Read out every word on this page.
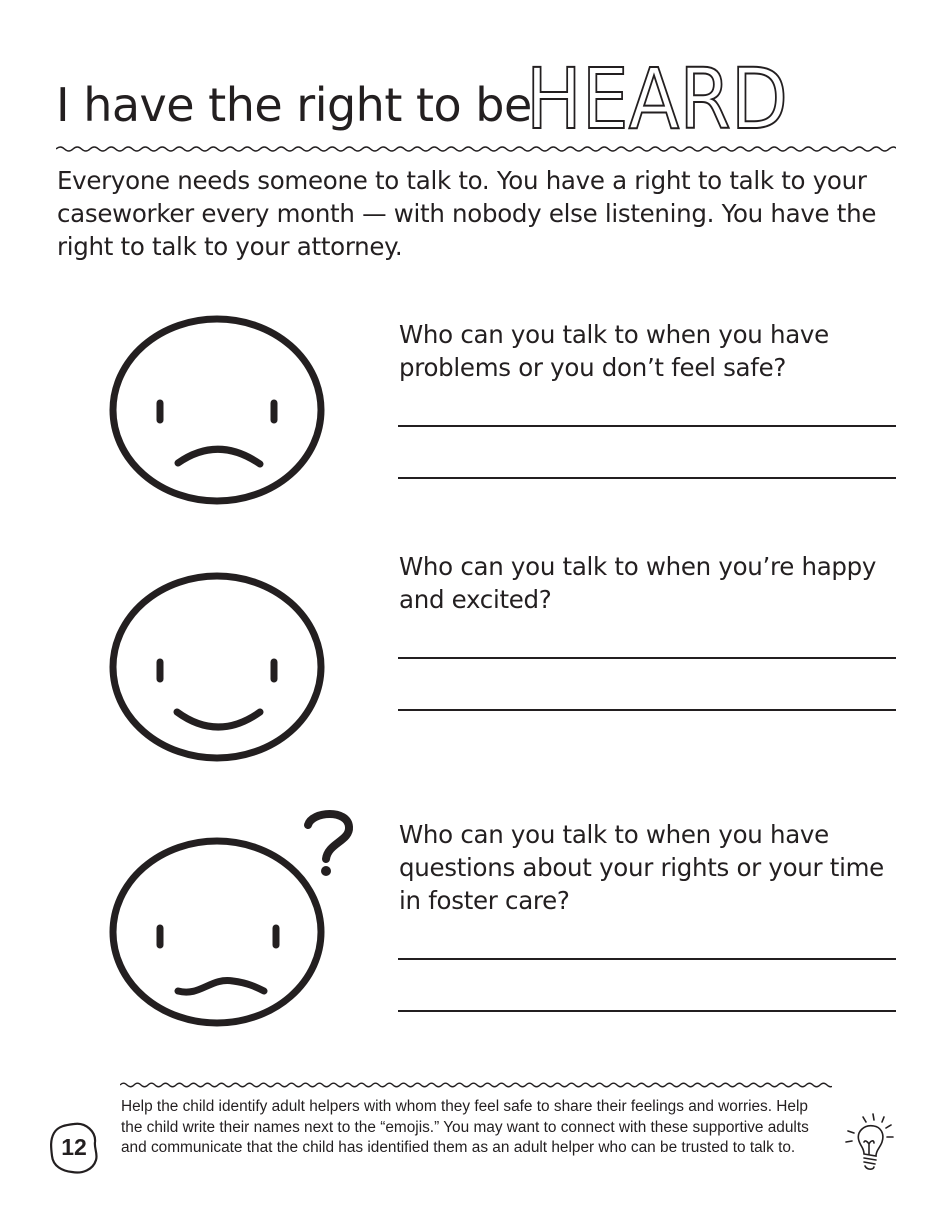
I have the right to be
HEARD

Everyone needs someone to talk to. You have a right to talk to your caseworker every month — with nobody else listening. You have the right to talk to your attorney.

Who can you talk to when you have problems or you don’t feel safe?

Who can you talk to when you’re happy and excited?

Who can you talk to when you have questions about your rights or your time in foster care?

12

Help the child identify adult helpers with whom they feel safe to share their feelings and worries. Help the child write their names next to the “emojis.” You may want to connect with these supportive adults and communicate that the child has identified them as an adult helper who can be trusted to talk to.
